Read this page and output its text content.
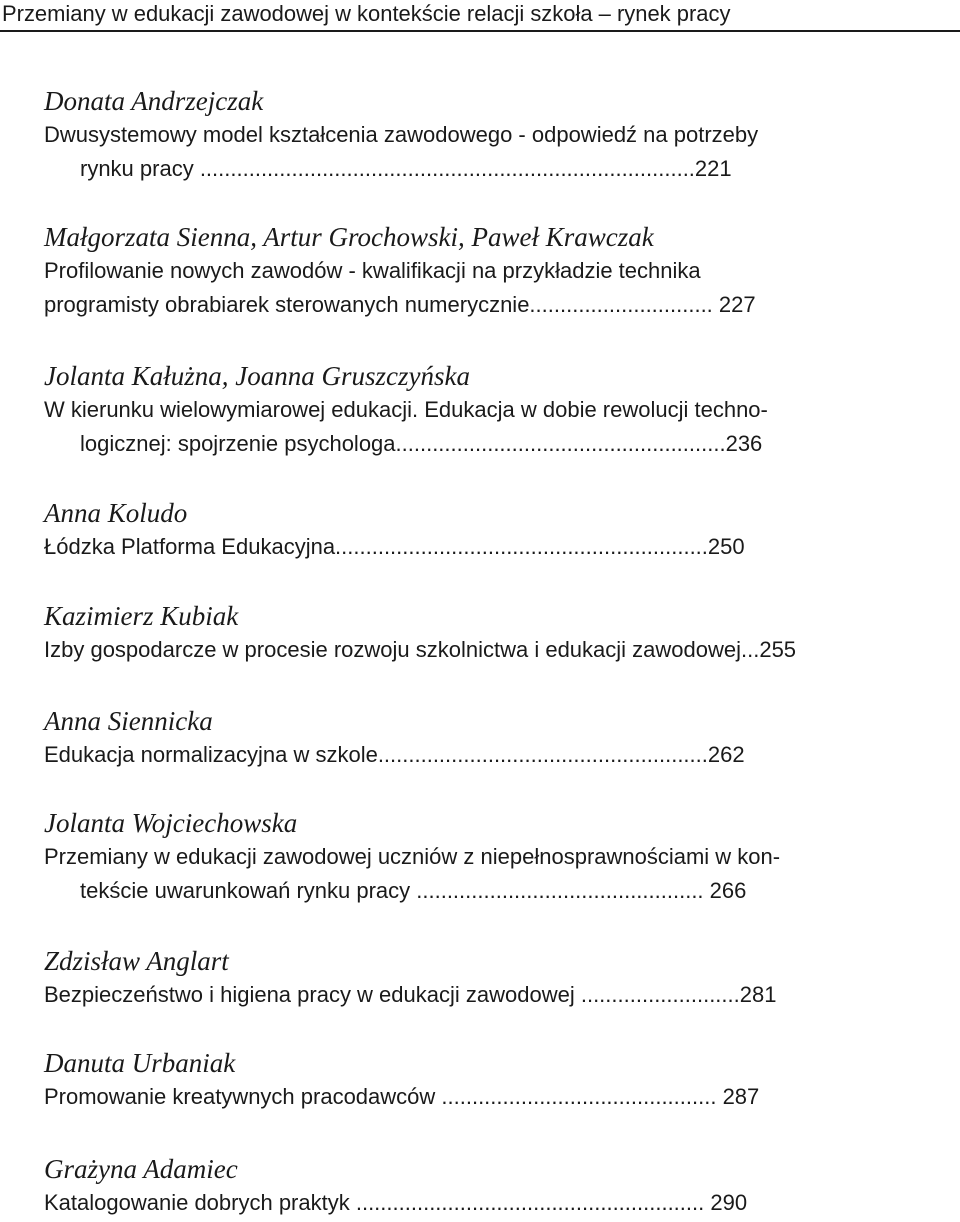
Przemiany w edukacji zawodowej w kontekście relacji szkoła – rynek pracy
Donata Andrzejczak
Dwusystemowy model kształcenia zawodowego - odpowiedź na potrzeby
rynku pracy .................................................................................221
Małgorzata Sienna, Artur Grochowski, Paweł Krawczak
Profilowanie nowych zawodów - kwalifikacji na przykładzie technika
programisty obrabiarek sterowanych numerycznie.............................. 227
Jolanta Kałużna, Joanna Gruszczyńska
W kierunku wielowymiarowej edukacji. Edukacja w dobie rewolucji techno-
logicznej: spojrzenie psychologa......................................................236
Anna Koludo
Łódzka Platforma Edukacyjna.............................................................250
Kazimierz Kubiak
Izby gospodarcze w procesie rozwoju szkolnictwa i edukacji zawodowej...255
Anna Siennicka
Edukacja normalizacyjna w szkole......................................................262
Jolanta Wojciechowska
Przemiany w edukacji zawodowej uczniów z niepełnosprawnościami w kon-
tekście uwarunkowań rynku pracy ............................................... 266
Zdzisław Anglart
Bezpieczeństwo i higiena pracy w edukacji zawodowej ..........................281
Danuta Urbaniak
Promowanie kreatywnych pracodawców ............................................. 287
Grażyna Adamiec
Katalogowanie dobrych praktyk ......................................................... 290
